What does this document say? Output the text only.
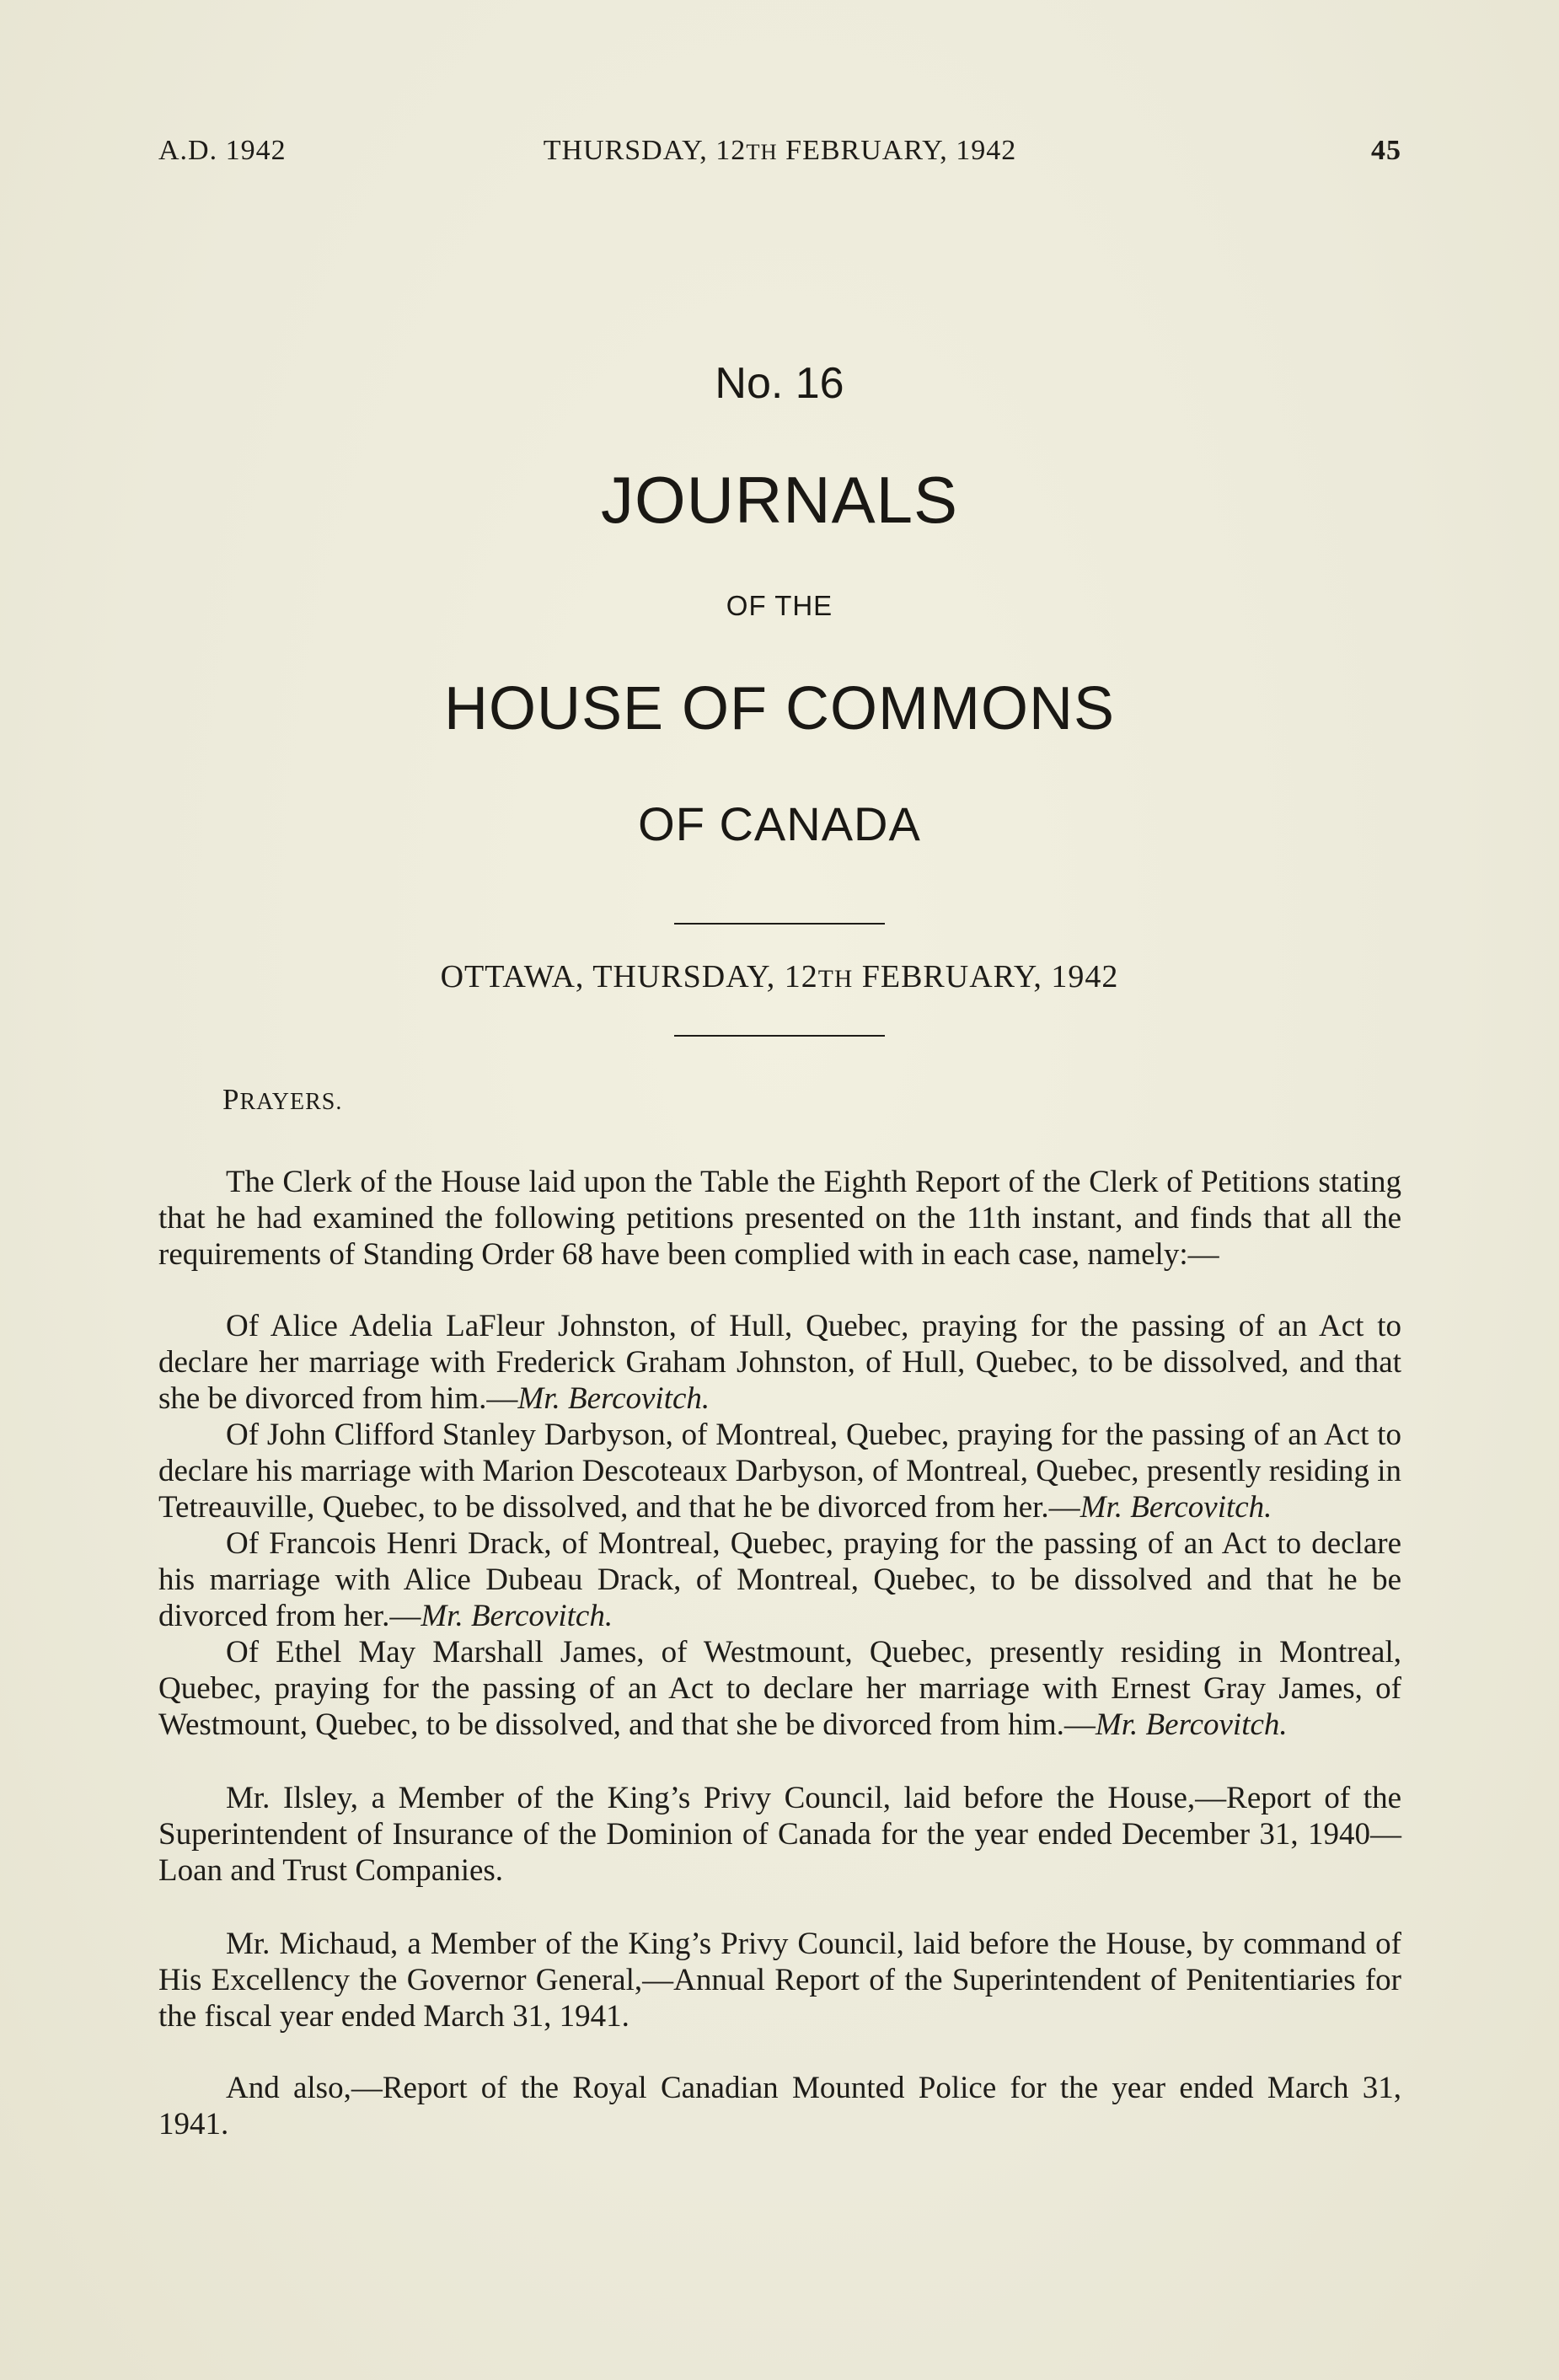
A.D. 1942	THURSDAY, 12TH FEBRUARY, 1942	45
No. 16
JOURNALS
OF THE
HOUSE OF COMMONS
OF CANADA
OTTAWA, THURSDAY, 12TH FEBRUARY, 1942

PRAYERS.

The Clerk of the House laid upon the Table the Eighth Report of the Clerk of Petitions stating that he had examined the following petitions presented on the 11th instant, and finds that all the requirements of Standing Order 68 have been complied with in each case, namely:—

Of Alice Adelia LaFleur Johnston, of Hull, Quebec, praying for the passing of an Act to declare her marriage with Frederick Graham Johnston, of Hull, Quebec, to be dissolved, and that she be divorced from him.—Mr. Bercovitch.

Of John Clifford Stanley Darbyson, of Montreal, Quebec, praying for the passing of an Act to declare his marriage with Marion Descoteaux Darbyson, of Montreal, Quebec, presently residing in Tetreauville, Quebec, to be dissolved, and that he be divorced from her.—Mr. Bercovitch.

Of Francois Henri Drack, of Montreal, Quebec, praying for the passing of an Act to declare his marriage with Alice Dubeau Drack, of Montreal, Quebec, to be dissolved and that he be divorced from her.—Mr. Bercovitch.

Of Ethel May Marshall James, of Westmount, Quebec, presently residing in Montreal, Quebec, praying for the passing of an Act to declare her marriage with Ernest Gray James, of Westmount, Quebec, to be dissolved, and that she be divorced from him.—Mr. Bercovitch.

Mr. Ilsley, a Member of the King’s Privy Council, laid before the House,—Report of the Superintendent of Insurance of the Dominion of Canada for the year ended December 31, 1940—Loan and Trust Companies.

Mr. Michaud, a Member of the King’s Privy Council, laid before the House, by command of His Excellency the Governor General,—Annual Report of the Superintendent of Penitentiaries for the fiscal year ended March 31, 1941.

And also,—Report of the Royal Canadian Mounted Police for the year ended March 31, 1941.
